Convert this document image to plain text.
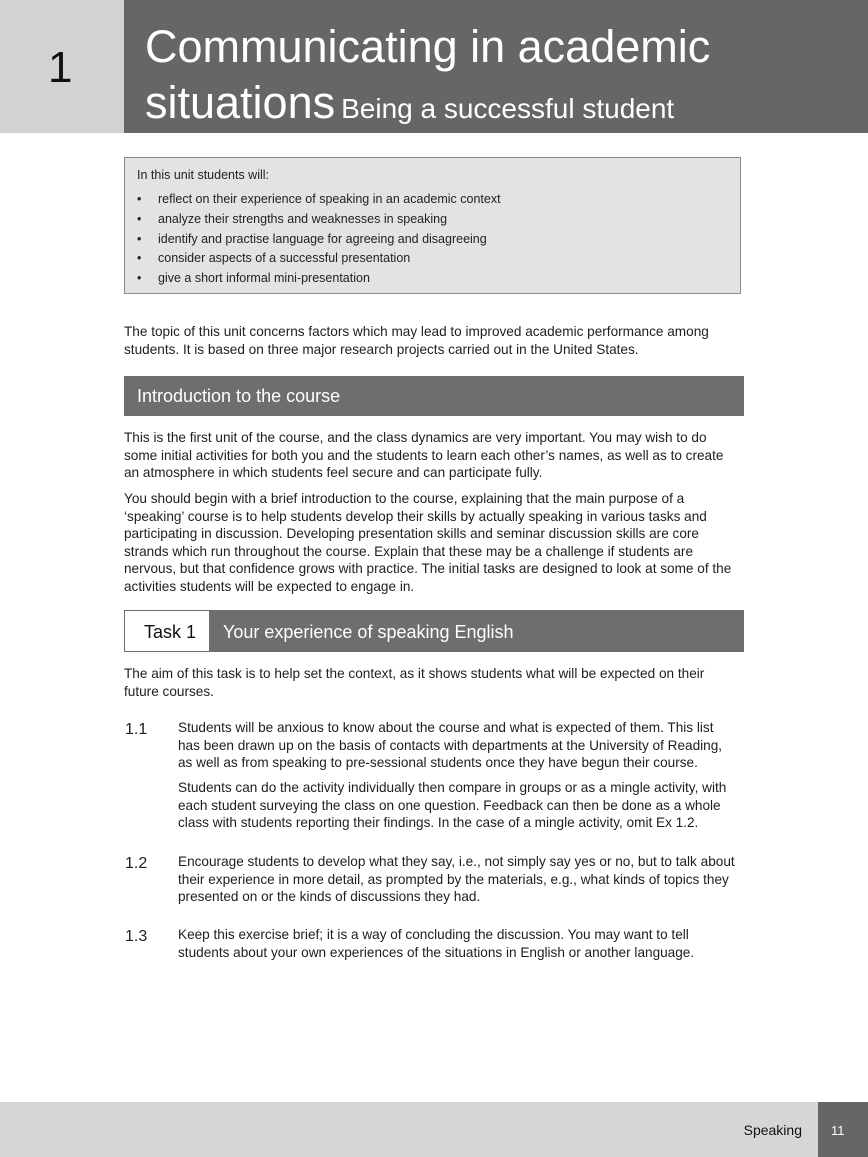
1 Communicating in academic
situations Being a successful student
In this unit students will:
• reflect on their experience of speaking in an academic context
• analyze their strengths and weaknesses in speaking
• identify and practise language for agreeing and disagreeing
• consider aspects of a successful presentation
• give a short informal mini-presentation

The topic of this unit concerns factors which may lead to improved academic performance among students. It is based on three major research projects carried out in the United States.

Introduction to the course

This is the first unit of the course, and the class dynamics are very important. You may wish to do some initial activities for both you and the students to learn each other’s names, as well as to create an atmosphere in which students feel secure and can participate fully.

You should begin with a brief introduction to the course, explaining that the main purpose of a ‘speaking’ course is to help students develop their skills by actually speaking in various tasks and participating in discussion. Developing presentation skills and seminar discussion skills are core strands which run throughout the course. Explain that these may be a challenge if students are nervous, but that confidence grows with practice. The initial tasks are designed to look at some of the activities students will be expected to engage in.

Task 1 Your experience of speaking English

The aim of this task is to help set the context, as it shows students what will be expected on their future courses.

1.1 Students will be anxious to know about the course and what is expected of them. This list has been drawn up on the basis of contacts with departments at the University of Reading, as well as from speaking to pre-sessional students once they have begun their course.

Students can do the activity individually then compare in groups or as a mingle activity, with each student surveying the class on one question. Feedback can then be done as a whole class with students reporting their findings. In the case of a mingle activity, omit Ex 1.2.

1.2 Encourage students to develop what they say, i.e., not simply say yes or no, but to talk about their experience in more detail, as prompted by the materials, e.g., what kinds of topics they presented on or the kinds of discussions they had.

1.3 Keep this exercise brief; it is a way of concluding the discussion. You may want to tell students about your own experiences of the situations in English or another language.

Speaking 11
